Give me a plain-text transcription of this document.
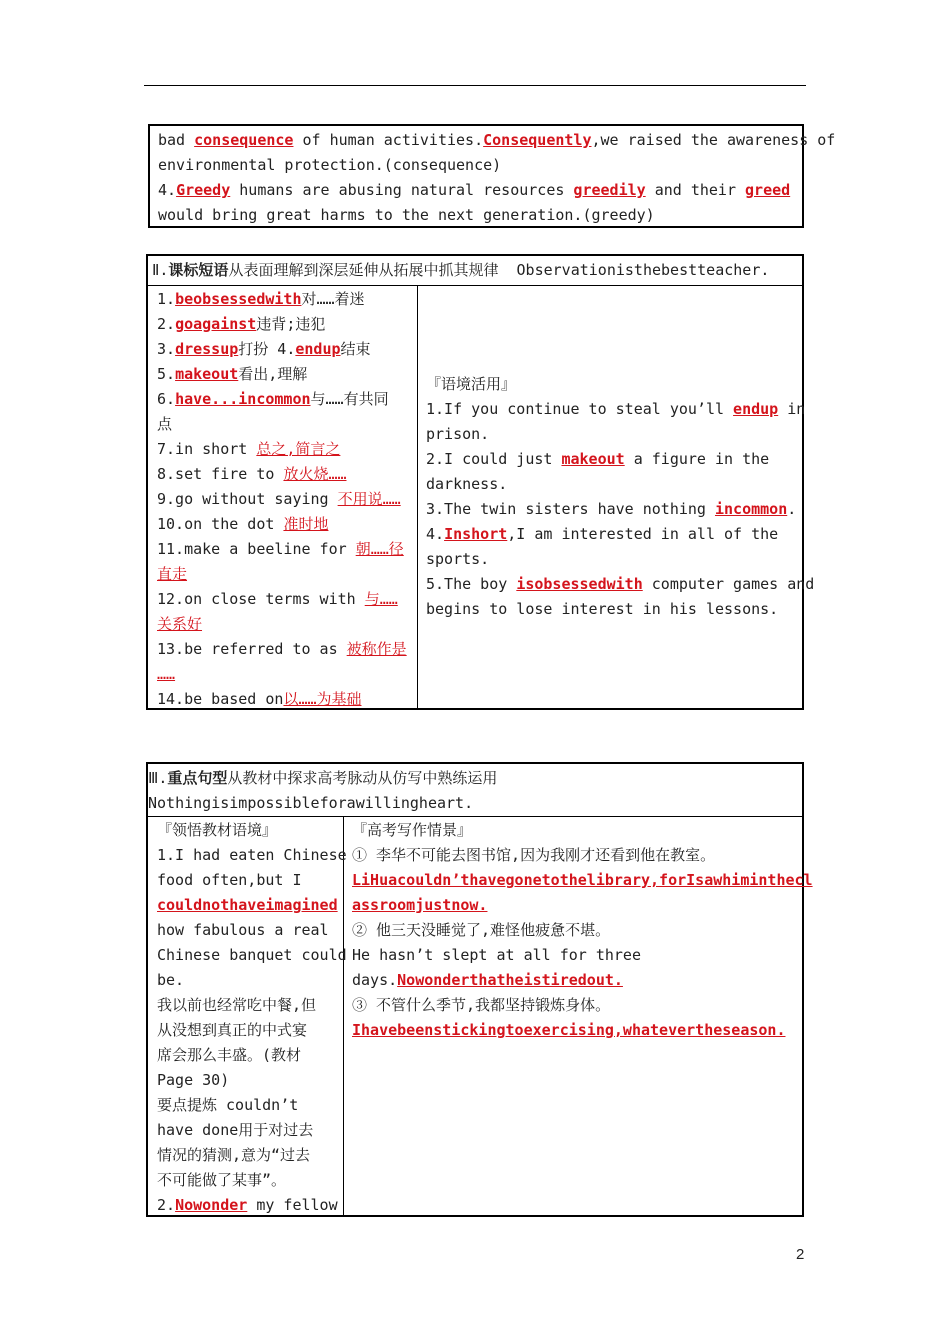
bad consequence of human activities.Consequently,we raised the awareness of
environmental protection.(consequence)
4.Greedy humans are abusing natural resources greedily and their greed
would bring great harms to the next generation.(greedy)
Ⅱ.课标短语从表面理解到深层延伸从拓展中抓其规律 Observationisthebestteacher.
1.beobsessedwith对……着迷
2.goagainst违背;违犯
3.dressup打扮 4.endup结束
5.makeout看出,理解
6.have...incommon与……有共同
点
7.in short 总之,简言之
8.set fire to 放火烧……
9.go without saying 不用说……
10.on the dot 准时地
11.make a beeline for 朝……径
直走
12.on close terms with 与……
关系好
13.be referred to as 被称作是
……
14.be based on以……为基础
『语境活用』
1.If you continue to steal you’ll endup in
prison.
2.I could just makeout a figure in the
darkness.
3.The twin sisters have nothing incommon.
4.Inshort,I am interested in all of the
sports.
5.The boy isobsessedwith computer games and
begins to lose interest in his lessons.
Ⅲ.重点句型从教材中探求高考脉动从仿写中熟练运用
Nothingisimpossibleforawillingheart.
『领悟教材语境』
1.I had eaten Chinese
food often,but I
couldnothaveimagined
how fabulous a real
Chinese banquet could
be.
我以前也经常吃中餐,但
从没想到真正的中式宴
席会那么丰盛。(教材
Page 30)
要点提炼 couldn’t
have done用于对过去
情况的猜测,意为“过去
不可能做了某事”。
2.Nowonder my fellow
『高考写作情景』
① 李华不可能去图书馆,因为我刚才还看到他在教室。
LiHuacouldn’thavegonetothelibrary,forIsawhiminthecl
assroomjustnow.
② 他三天没睡觉了,难怪他疲惫不堪。
He hasn’t slept at all for three
days.Nowonderthatheistiredout.
③ 不管什么季节,我都坚持锻炼身体。
Ihavebeenstickingtoexercising,whatevertheseason.
2
